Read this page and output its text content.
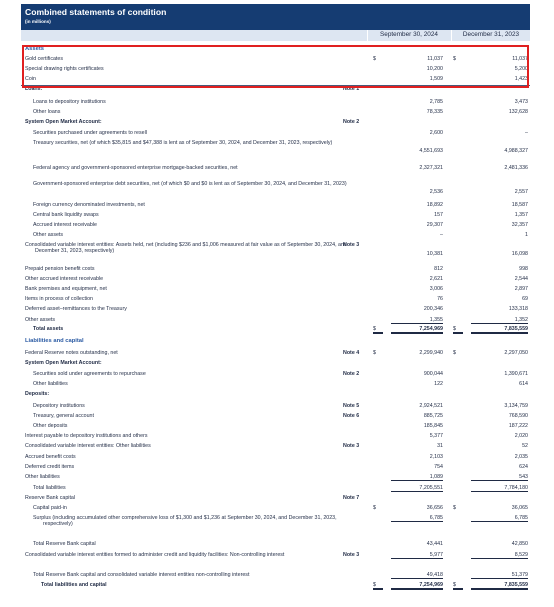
Combined statements of condition
(in millions)
September 30, 2024	December 31, 2023
Assets
Gold certificates	$	11,037 $	11,037
Special drawing rights certificates	10,200	5,200
Coin	1,509	1,423
Loans:	Note 1
Loans to depository institutions	2,785	3,473
Other loans	78,335	132,628
System Open Market Account:	Note 2
Securities purchased under agreements to resell	2,600	–
Treasury securities, net (of which $35,815 and $47,388 is lent as of September 30, 2024, and December 31, 2023, respectively)
4,551,693	4,988,327
Federal agency and government-sponsored enterprise mortgage-backed securities, net	2,327,321	2,481,336
Government-sponsored enterprise debt securities, net (of which $0 and $0 is lent as of September 30, 2024, and December 31, 2023)
2,536	2,557
Foreign currency denominated investments, net	18,892	18,587
Central bank liquidity swaps	157	1,357
Accrued interest receivable	29,307	32,357
Other assets	–	1
Consolidated variable interest entities: Assets held, net (including $236 and $1,006 measured at fair value as of September 30, 2024, and December 31, 2023, respectively)
Note 3
10,381	16,098
Prepaid pension benefit costs	812	998
Other accrued interest receivable	2,621	2,544
Bank premises and equipment, net	3,006	2,897
Items in process of collection	76	69
Deferred asset–remittances to the Treasury	200,346	133,318
Other assets	1,355	1,352
Total assets	$	7,254,969 $	7,835,559
Liabilities and capital
Federal Reserve notes outstanding, net	Note 4	$	2,299,940 $	2,297,050
System Open Market Account:
Securities sold under agreements to repurchase	Note 2	900,044	1,390,671
Other liabilities	122	614
Deposits:
Depository institutions	Note 5	2,924,521	3,134,759
Treasury, general account	Note 6	885,725	768,590
Other deposits	185,845	187,222
Interest payable to depository institutions and others	5,377	2,020
Consolidated variable interest entities: Other liabilities	Note 3	31	52
Accrued benefit costs	2,103	2,035
Deferred credit items	754	624
Other liabilities	1,089	543
Total liabilities	7,205,551	7,784,180
Reserve Bank capital	Note 7
Capital paid-in	$	36,656 $	36,065
Surplus (including accumulated other comprehensive loss of $1,300 and $1,236 at September 30, 2024, and December 31, 2023, respectively)
6,785	6,785
Total Reserve Bank capital	43,441	42,850
Consolidated variable interest entities formed to administer credit and liquidity facilities: Non-controlling interest	Note 3	5,977	8,529
Total Reserve Bank capital and consolidated variable interest entities non-controlling interest	49,418	51,379
Total liabilities and capital	$	7,254,969 $	7,835,559
